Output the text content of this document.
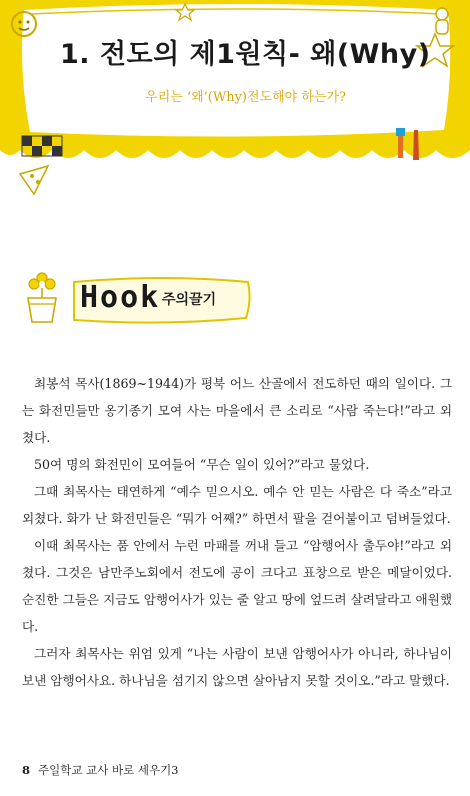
1. 전도의 제1원칙- 왜(Why)
우리는 ‘왜’(Why)전도해야 하는가?
Hook 주의끌기

최봉석 목사(1869~1944)가 평북 어느 산골에서 전도하던 때의 일이다. 그는 화전민들만 옹기종기 모여 사는 마을에서 큰 소리로 “사람 죽는다!”라고 외쳤다.

50여 명의 화전민이 모여들어 “무슨 일이 있어?”라고 물었다.

그때 최목사는 태연하게 “예수 믿으시오. 예수 안 믿는 사람은 다 죽소”라고 외쳤다. 화가 난 화전민들은 “뭐가 어째?” 하면서 팔을 걷어붙이고 덤벼들었다.

이때 최목사는 품 안에서 누런 마패를 꺼내 들고 “암행어사 출두야!”라고 외쳤다. 그것은 남만주노회에서 전도에 공이 크다고 표창으로 받은 메달이었다. 순진한 그들은 지금도 암행어사가 있는 줄 알고 땅에 엎드려 살려달라고 애원했다.

그러자 최목사는 위엄 있게 “나는 사람이 보낸 암행어사가 아니라, 하나님이 보낸 암행어사요. 하나님을 섬기지 않으면 살아남지 못할 것이오.”라고 말했다.

8 주일학교 교사 바로 세우기3
